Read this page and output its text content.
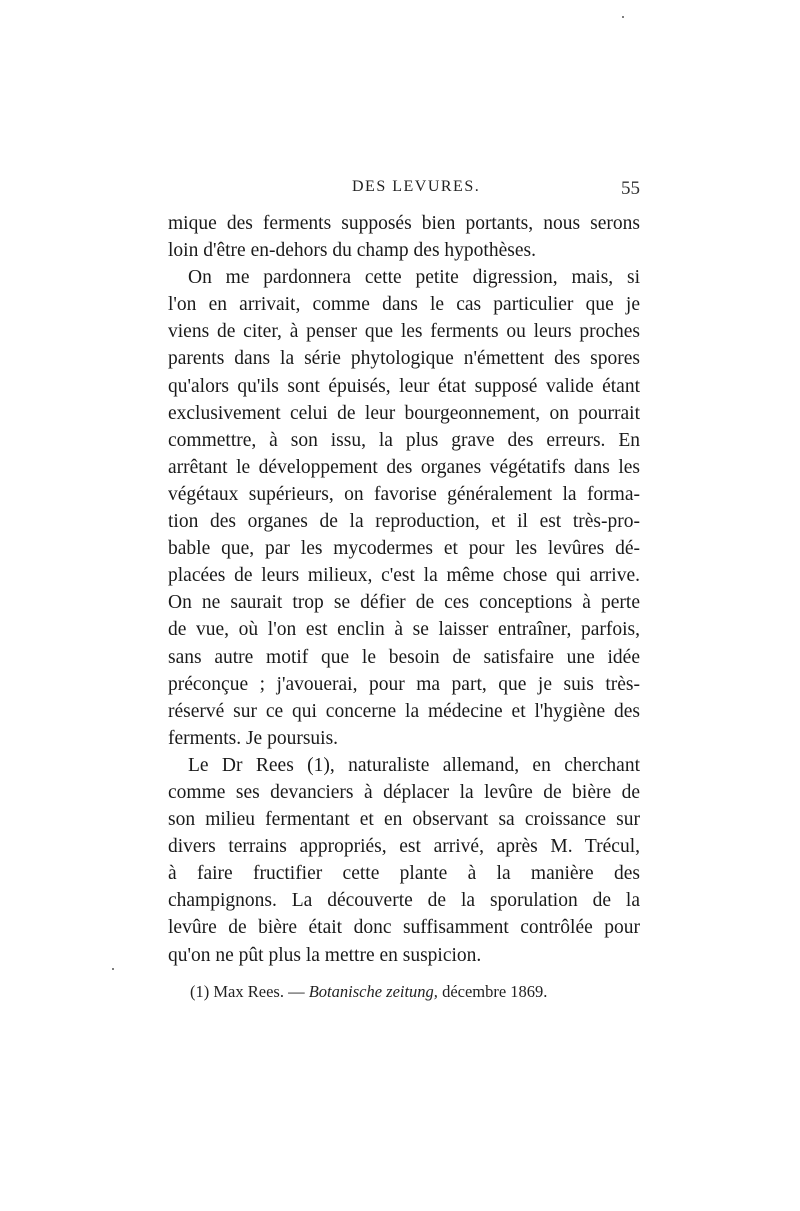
DES LEVURES.	55
mique des ferments supposés bien portants, nous serons
loin d'être en-dehors du champ des hypothèses.
On me pardonnera cette petite digression, mais, si
l'on en arrivait, comme dans le cas particulier que je
viens de citer, à penser que les ferments ou leurs proches
parents dans la série phytologique n'émettent des spores
qu'alors qu'ils sont épuisés, leur état supposé valide étant
exclusivement celui de leur bourgeonnement, on pourrait
commettre, à son issu, la plus grave des erreurs. En
arrêtant le développement des organes végétatifs dans les
végétaux supérieurs, on favorise généralement la forma-
tion des organes de la reproduction, et il est très-pro-
bable que, par les mycodermes et pour les levûres dé-
placées de leurs milieux, c'est la même chose qui arrive.
On ne saurait trop se défier de ces conceptions à perte
de vue, où l'on est enclin à se laisser entraîner, parfois,
sans autre motif que le besoin de satisfaire une idée
préconçue ; j'avouerai, pour ma part, que je suis très-
réservé sur ce qui concerne la médecine et l'hygiène des
ferments. Je poursuis.
Le Dr Rees (1), naturaliste allemand, en cherchant
comme ses devanciers à déplacer la levûre de bière de
son milieu fermentant et en observant sa croissance sur
divers terrains appropriés, est arrivé, après M. Trécul,
à faire fructifier cette plante à la manière des
champignons. La découverte de la sporulation de la
levûre de bière était donc suffisamment contrôlée pour
qu'on ne pût plus la mettre en suspicion.
(1) Max Rees. — Botanische zeitung, décembre 1869.
